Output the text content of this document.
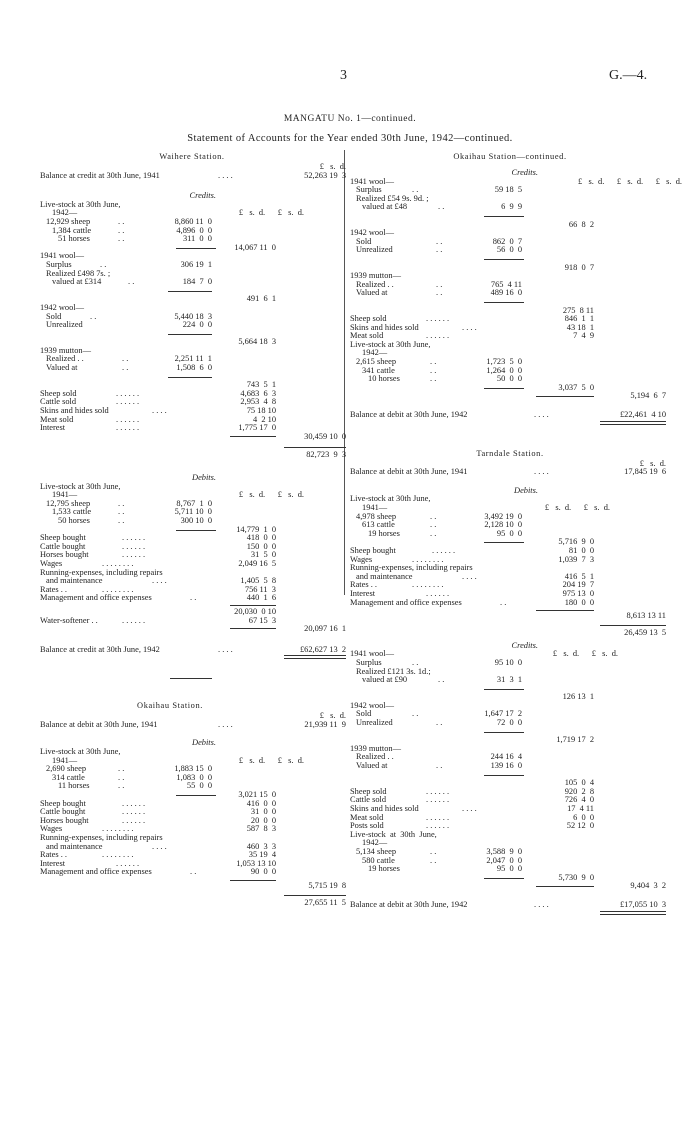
3	G.—4.
MANGATU No. 1—continued.
Statement of Accounts for the Year ended 30th June, 1942—continued.
Waihere Station.
£   s.  d.
Balance at credit at 30th June, 1941	. . . .	52,263 19  3
Credits.
Live-stock at 30th June,
1942—	£   s.  d.      £   s.  d.
12,929 sheep	. .	8,860 11  0
1,384 cattle	. .	4,896  0  0
51 horses	. .	311  0  0
14,067 11  0
1941 wool—
Surplus	. .	306 19  1
Realized £498 7s. ;
valued at £314	. .	184  7  0
491  6  1
1942 wool—
Sold	. .	5,440 18  3
Unrealized	224  0  0
5,664 18  3
1939 mutton—
Realized . .	. .	2,251 11  1
Valued at	. .	1,508  6  0
743  5  1
Sheep sold	. . . . . .	4,683  6  3
Cattle sold	. . . . . .	2,953  4  8
Skins and hides sold	. . . .	75 18 10
Meat sold	. . . . . .	4  2 10
Interest	. . . . . .	1,775 17  0
30,459 10  0
82,723  9  3
Debits.
Live-stock at 30th June,
1941—	£   s.  d.      £   s.  d.
12,795 sheep	. .	8,767  1  0
1,533 cattle	. .	5,711 10  0
50 horses	. .	300 10  0
14,779  1  0
Sheep bought	. . . . . .	418  0  0
Cattle bought	. . . . . .	150  0  0
Horses bought	. . . . . .	31  5  0
Wages	. . . . . . . .	2,049 16  5
Running-expenses, including repairs
and maintenance	. . . .	1,405  5  8
Rates . .	. . . . . . . .	756 11  3
Management and office expenses	. .	440  1  6
20,030  0 10
Water-softener . .	. . . . . .	67 15  3
20,097 16  1
Balance at credit at 30th June, 1942	. . . .	£62,627 13  2
Okaihau Station.
£   s.  d.
Balance at debit at 30th June, 1941	. . . .	21,939 11  9
Debits.
Live-stock at 30th June,
1941—	£   s.  d.      £   s.  d.
2,690 sheep	. .	1,883 15  0
314 cattle	. .	1,083  0  0
11 horses	. .	55  0  0
3,021 15  0
Sheep bought	. . . . . .	416  0  0
Cattle bought	. . . . . .	31  0  0
Horses bought	. . . . . .	20  0  0
Wages	. . . . . . . .	587  8  3
Running-expenses, including repairs
and maintenance	. . . .	460  3  3
Rates . .	. . . . . . . .	35 19  4
Interest	. . . . . .	1,053 13 10
Management and office expenses	. .	90  0  0
5,715 19  8
27,655 11  5
Okaihau Station—continued.
Credits.
1941 wool—	£   s.  d.      £   s.  d.      £   s.  d.
Surplus	. .	59 18  5
Realized £54 9s. 9d. ;
valued at £48	. .	6  9  9
66  8  2
1942 wool—
Sold	. .	862  0  7
Unrealized	. .	56  0  0
918  0  7
1939 mutton—
Realized . .	. .	765  4 11
Valued at	. .	489 16  0
275  8 11
Sheep sold	. . . . . .	846  1  1
Skins and hides sold	. . . .	43 18  1
Meat sold	. . . . . .	7  4  9
Live-stock at 30th June,
1942—
2,615 sheep	. .	1,723  5  0
341 cattle	. .	1,264  0  0
10 horses	. .	50  0  0
3,037  5  0
5,194  6  7
Balance at debit at 30th June, 1942	. . . .	£22,461  4 10
Tarndale Station.
£   s.  d.
Balance at debit at 30th June, 1941	. . . .	17,845 19  6
Debits.
Live-stock at 30th June,
1941—	£   s.  d.      £   s.  d.
4,978 sheep	. .	3,492 19  0
613 cattle	. .	2,128 10  0
19 horses	. .	95  0  0
5,716  9  0
Sheep bought	. . . . . .	81  0  0
Wages	. . . . . . . .	1,039  7  3
Running-expenses, including repairs
and maintenance	. . . .	416  5  1
Rates . .	. . . . . . . .	204 19  7
Interest	. . . . . .	975 13  0
Management and office expenses	. .	180  0  0
8,613 13 11
26,459 13  5
Credits.
1941 wool—	£   s.  d.      £   s.  d.
Surplus	. .	95 10  0
Realized £121 3s. 1d.;
valued at £90	. .	31  3  1
126 13  1
1942 wool—
Sold	. .	1,647 17  2
Unrealized	. .	72  0  0
1,719 17  2
1939 mutton—
Realized . .	244 16  4
Valued at	. .	139 16  0
105  0  4
Sheep sold	. . . . . .	920  2  8
Cattle sold	. . . . . .	726  4  0
Skins and hides sold	. . . .	17  4 11
Meat sold	. . . . . .	6  0  0
Posts sold	. . . . . .	52 12  0
Live-stock  at  30th  June,
1942—
5,134 sheep	. .	3,588  9  0
580 cattle	. .	2,047  0  0
19 horses	95  0  0
5,730  9  0
9,404  3  2
Balance at debit at 30th June, 1942	. . . .	£17,055 10  3
